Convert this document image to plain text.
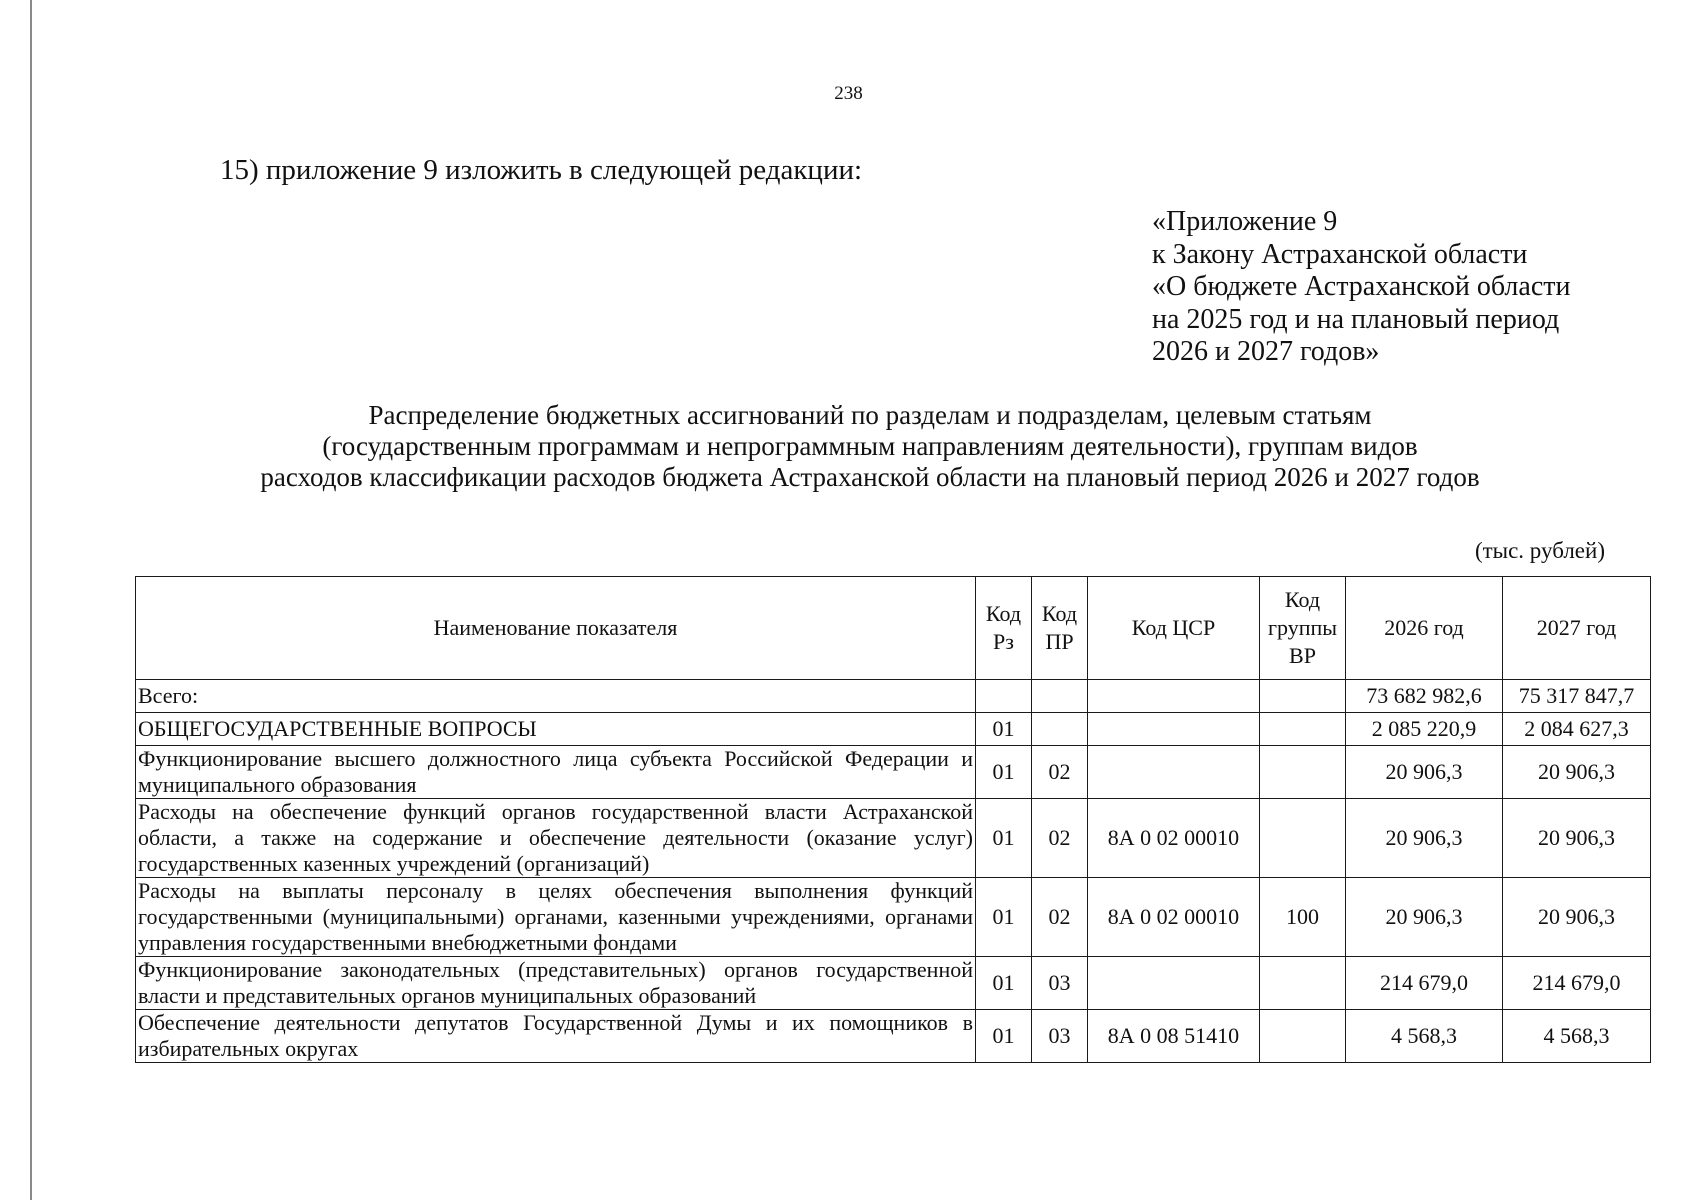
238
15) приложение 9 изложить в следующей редакции:
«Приложение 9
к Закону Астраханской области
«О бюджете Астраханской области
на 2025 год и на плановый период
2026 и 2027 годов»
Распределение бюджетных ассигнований по разделам и подразделам, целевым статьям
(государственным программам и непрограммным направлениям деятельности), группам видов
расходов классификации расходов бюджета Астраханской области на плановый период 2026 и 2027 годов
(тыс. рублей)
Наименование показателя	Код Рз	Код ПР	Код ЦСР	Код группы ВР	2026 год	2027 год
Всего:					73 682 982,6	75 317 847,7
ОБЩЕГОСУДАРСТВЕННЫЕ ВОПРОСЫ	01				2 085 220,9	2 084 627,3
Функционирование высшего должностного лица субъекта Российской Федерации и муниципального образования	01	02			20 906,3	20 906,3
Расходы на обеспечение функций органов государственной власти Астраханской области, а также на содержание и обеспечение деятельности (оказание услуг) государственных казенных учреждений (организаций)	01	02	8А 0 02 00010		20 906,3	20 906,3
Расходы на выплаты персоналу в целях обеспечения выполнения функций государственными (муниципальными) органами, казенными учреждениями, органами управления государственными внебюджетными фондами	01	02	8А 0 02 00010	100	20 906,3	20 906,3
Функционирование законодательных (представительных) органов государственной власти и представительных органов муниципальных образований	01	03			214 679,0	214 679,0
Обеспечение деятельности депутатов Государственной Думы и их помощников в избирательных округах	01	03	8А 0 08 51410		4 568,3	4 568,3
